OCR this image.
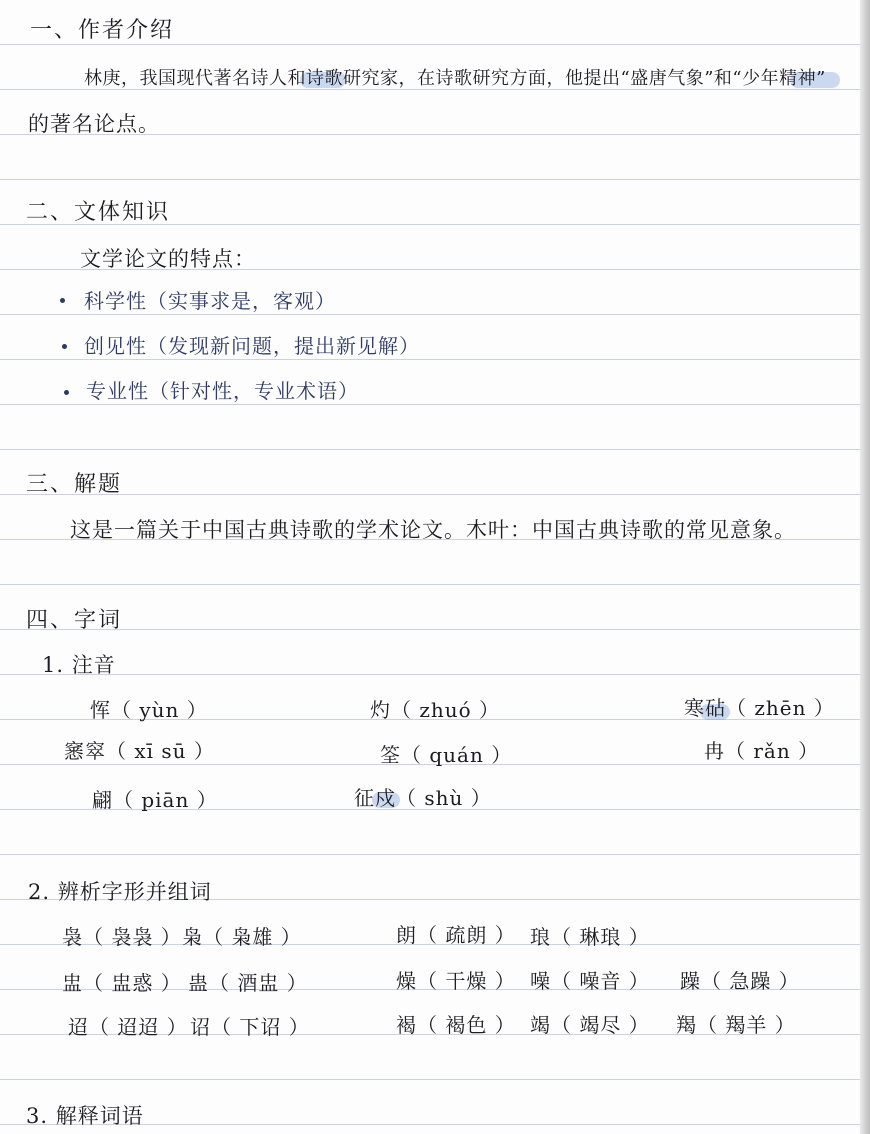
一、作者介绍
林庚，我国现代著名诗人和诗歌研究家，在诗歌研究方面，他提出“盛唐气象”和“少年精神”
的著名论点。
二、文体知识
文学论文的特点：
科学性（实事求是，客观）
创见性（发现新问题，提出新见解）
专业性（针对性，专业术语）
三、解题
这是一篇关于中国古典诗歌的学术论文。木叶：中国古典诗歌的常见意象。
四、字词
1. 注音
恽（ yùn ）	灼（ zhuó ）	寒砧（ zhēn ）
窸窣（ xī sū ）	筌（ quán ）	冉（ rǎn ）
翩（ piān ）	征戍（ shù ）
2. 辨析字形并组词
袅（ 袅袅 ） 枭（ 枭雄 ）	朗（ 疏朗 ） 琅（ 琳琅 ）
盅（ 盅惑 ） 蛊（ 酒盅 ）	燥（ 干燥 ） 噪（ 噪音 ） 躁（ 急躁 ）
迢（ 迢迢 ） 诏（ 下诏 ）	褐（ 褐色 ） 竭（ 竭尽 ） 羯（ 羯羊 ）
3. 解释词语
